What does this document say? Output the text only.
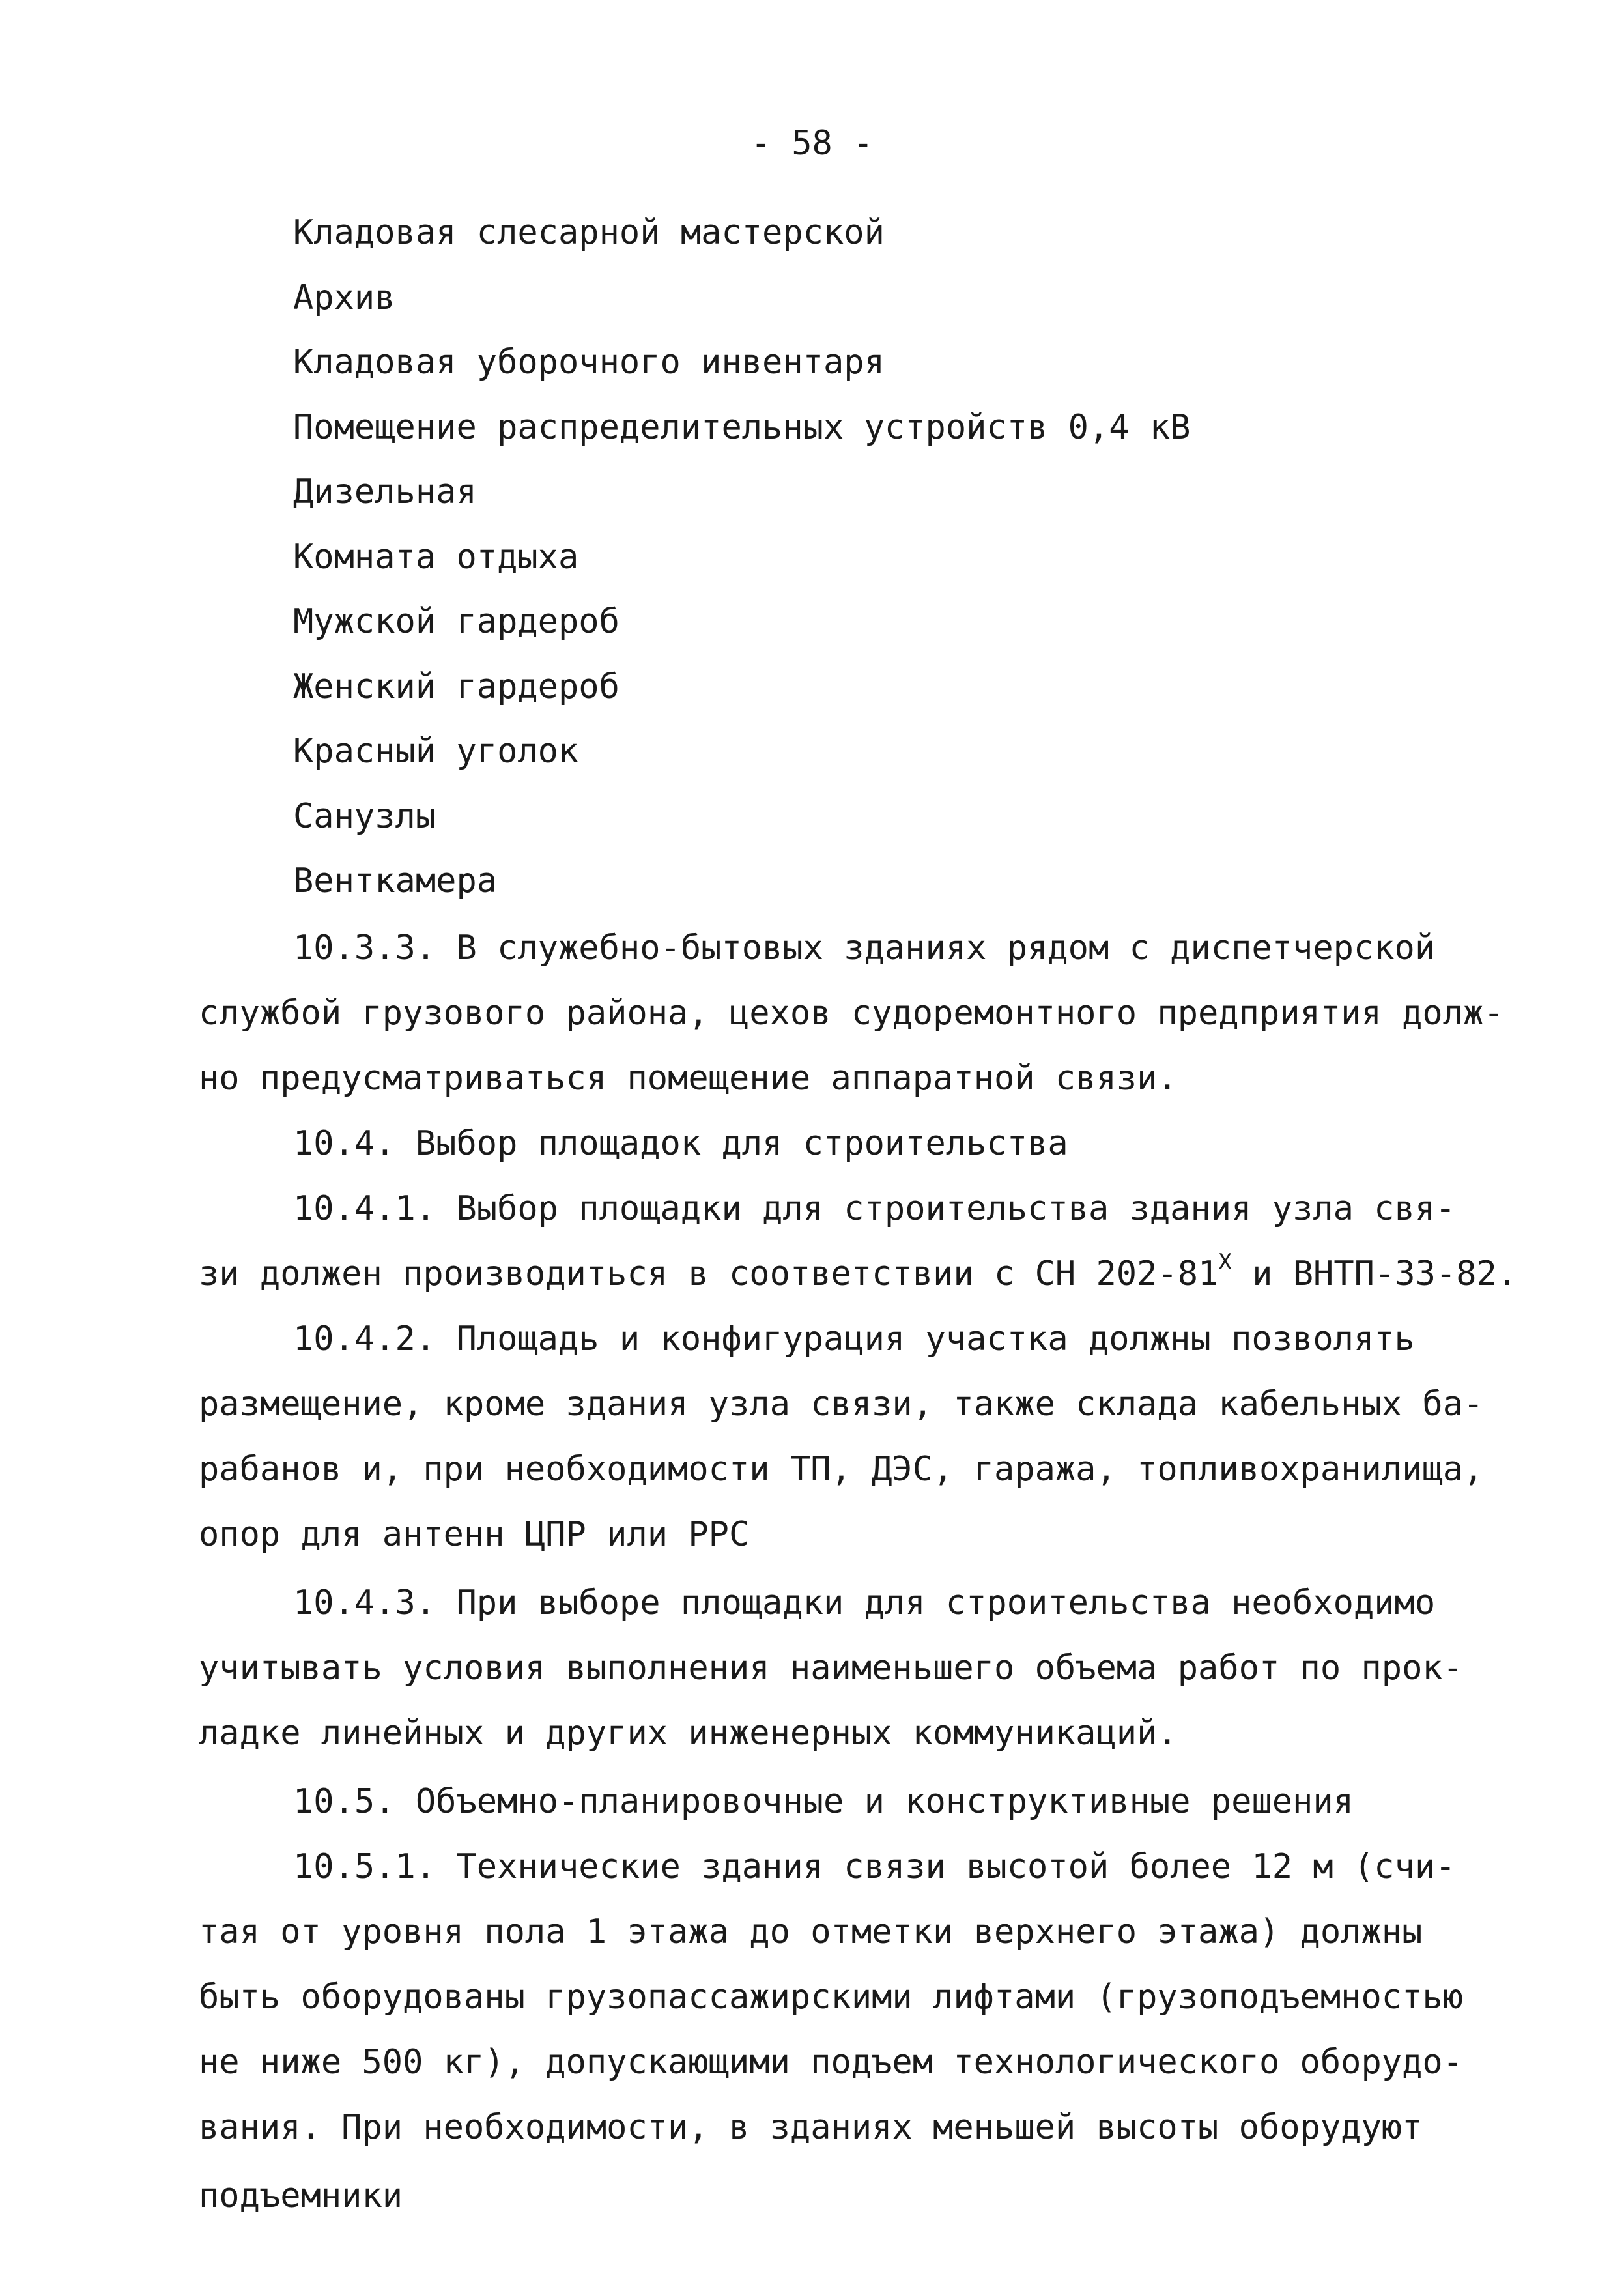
- 58 -
Кладовая слесарной мастерской
Архив
Кладовая уборочного инвентаря
Помещение распределительных устройств 0,4 кВ
Дизельная
Комната отдыха
Мужской гардероб
Женский гардероб
Красный уголок
Санузлы
Венткамера
10.3.3. В служебно-бытовых зданиях рядом с диспетчерской
службой грузового района, цехов судоремонтного предприятия долж-
но предусматриваться помещение аппаратной связи.
10.4. Выбор площадок для строительства
10.4.1. Выбор площадки для строительства здания узла свя-
зи должен производиться в соответствии с СН $202-81^Х$ и ВНТП-33-82.
10.4.2. Площадь и конфигурация участка должны позволять
размещение, кроме здания узла связи, также склада кабельных ба-
рабанов и, при необходимости ТП, ДЭС, гаража, топливохранилища,
опор для антенн ЦПР или PPC
10.4.3. При выборе площадки для строительства необходимо
учитывать условия выполнения наименьшего объема работ по прок-
ладке линейных и других инженерных коммуникаций.
10.5. Объемно-планировочные и конструктивные решения
10.5.1. Технические здания связи высотой более 12 м (счи-
тая от уровня пола 1 этажа до отметки верхнего этажа) должны
быть оборудованы грузопассажирскими лифтами (грузоподъемностью
не ниже 500 кг), допускающими подъем технологического оборудо-
вания. При необходимости, в зданиях меньшей высоты оборудуют
подъемники
